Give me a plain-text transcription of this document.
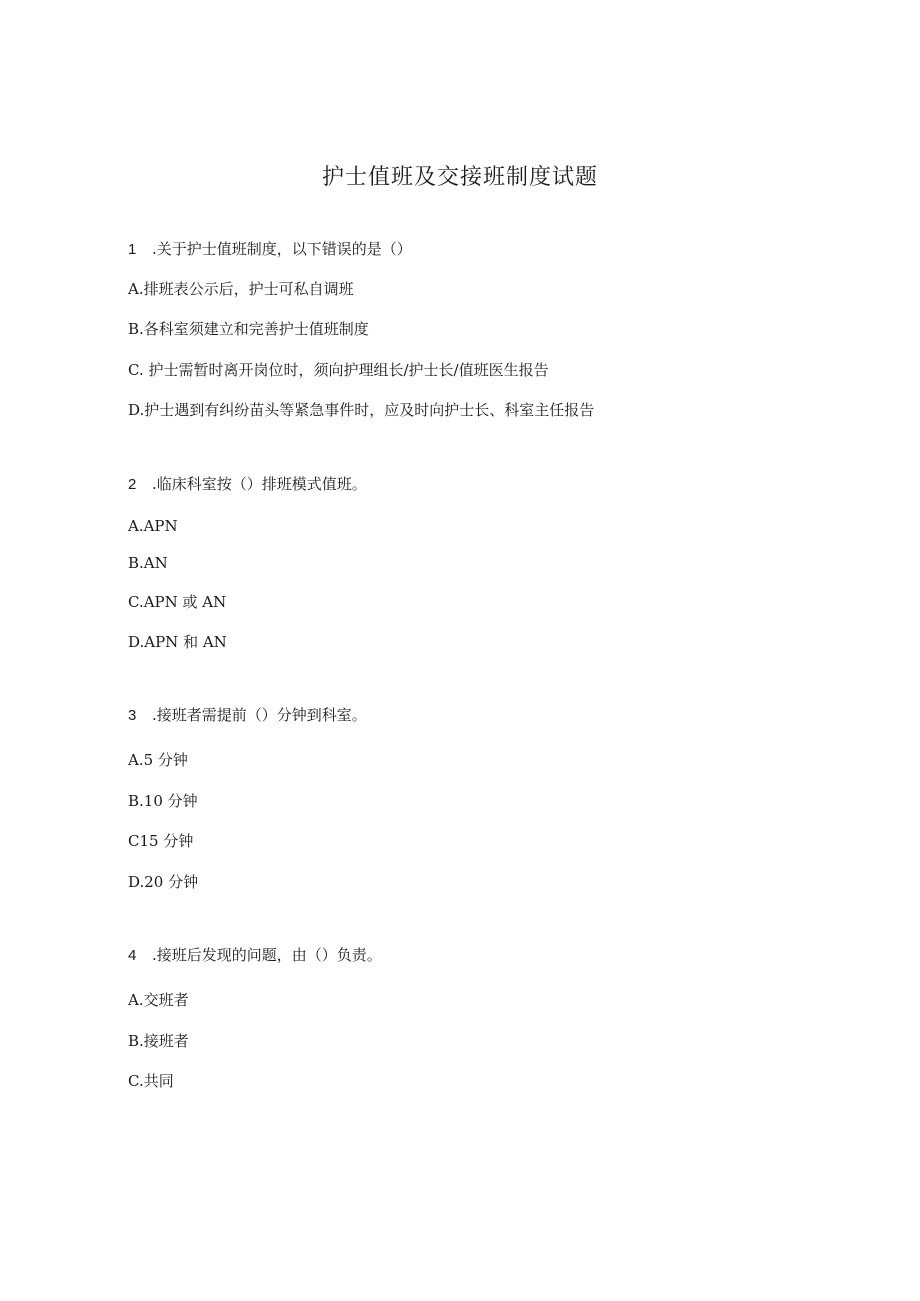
护士值班及交接班制度试题
1 .关于护士值班制度，以下错误的是（）
A.排班表公示后，护士可私自调班
B.各科室须建立和完善护士值班制度
C. 护士需暂时离开岗位时，须向护理组长/护士长/值班医生报告
D.护士遇到有纠纷苗头等紧急事件时，应及时向护士长、科室主任报告
2 .临床科室按（）排班模式值班。
A.APN
B.AN
C.APN 或 AN
D.APN 和 AN
3 .接班者需提前（）分钟到科室。
A.5 分钟
B.10 分钟
C15 分钟
D.20 分钟
4 .接班后发现的问题，由（）负责。
A.交班者
B.接班者
C.共同
